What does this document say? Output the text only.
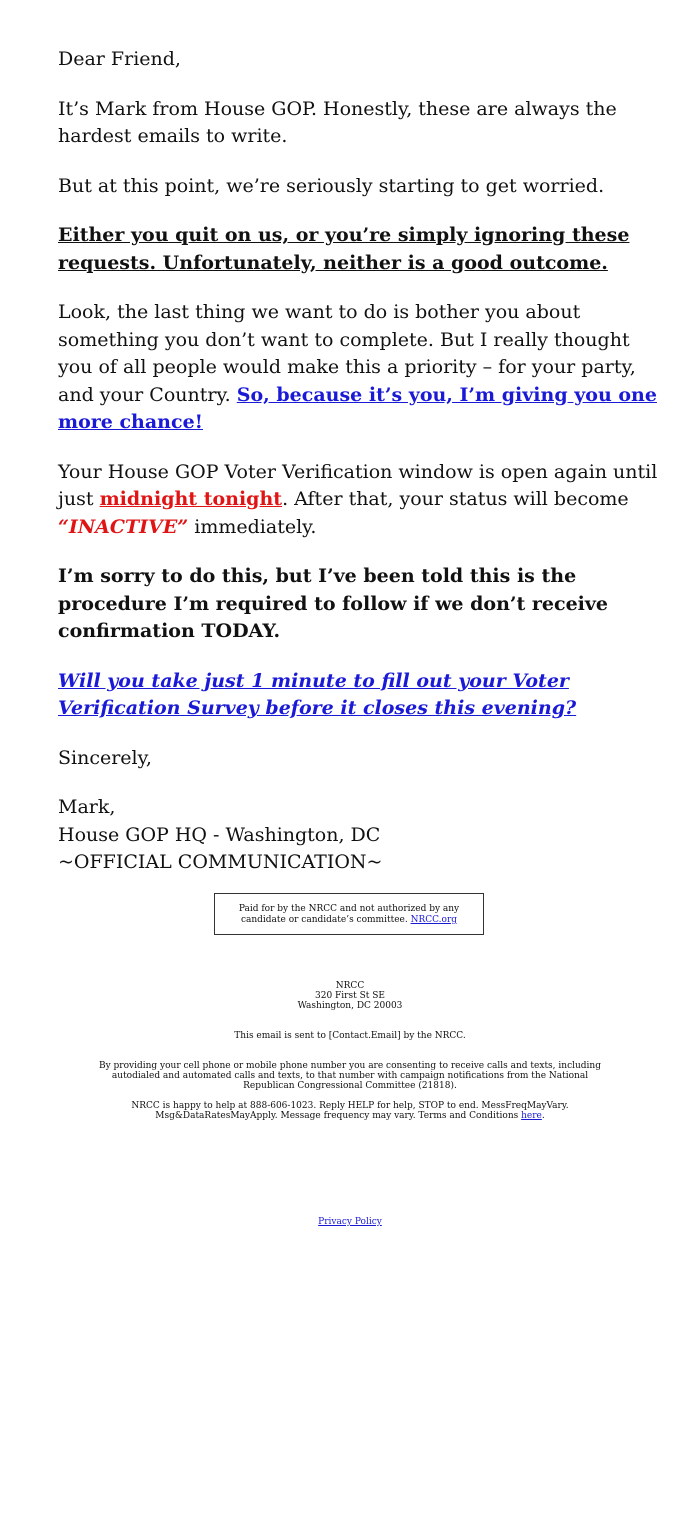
Dear Friend,

It’s Mark from House GOP. Honestly, these are always the hardest emails to write.

But at this point, we’re seriously starting to get worried.

Either you quit on us, or you’re simply ignoring these requests. Unfortunately, neither is a good outcome.

Look, the last thing we want to do is bother you about something you don’t want to complete. But I really thought you of all people would make this a priority – for your party, and your Country. So, because it’s you, I’m giving you one more chance!

Your House GOP Voter Verification window is open again until just midnight tonight. After that, your status will become “INACTIVE” immediately.

I’m sorry to do this, but I’ve been told this is the procedure I’m required to follow if we don’t receive confirmation TODAY.

Will you take just 1 minute to fill out your Voter Verification Survey before it closes this evening?

Sincerely,

Mark,
House GOP HQ - Washington, DC
~OFFICIAL COMMUNICATION~

Paid for by the NRCC and not authorized by any candidate or candidate’s committee. NRCC.org
NRCC
320 First St SE
Washington, DC 20003
This email is sent to [Contact.Email] by the NRCC.
By providing your cell phone or mobile phone number you are consenting to receive calls and texts, including autodialed and automated calls and texts, to that number with campaign notifications from the National Republican Congressional Committee (21818).
NRCC is happy to help at 888-606-1023. Reply HELP for help, STOP to end. MessFreqMayVary. Msg&DataRatesMayApply. Message frequency may vary. Terms and Conditions here.
Privacy Policy
